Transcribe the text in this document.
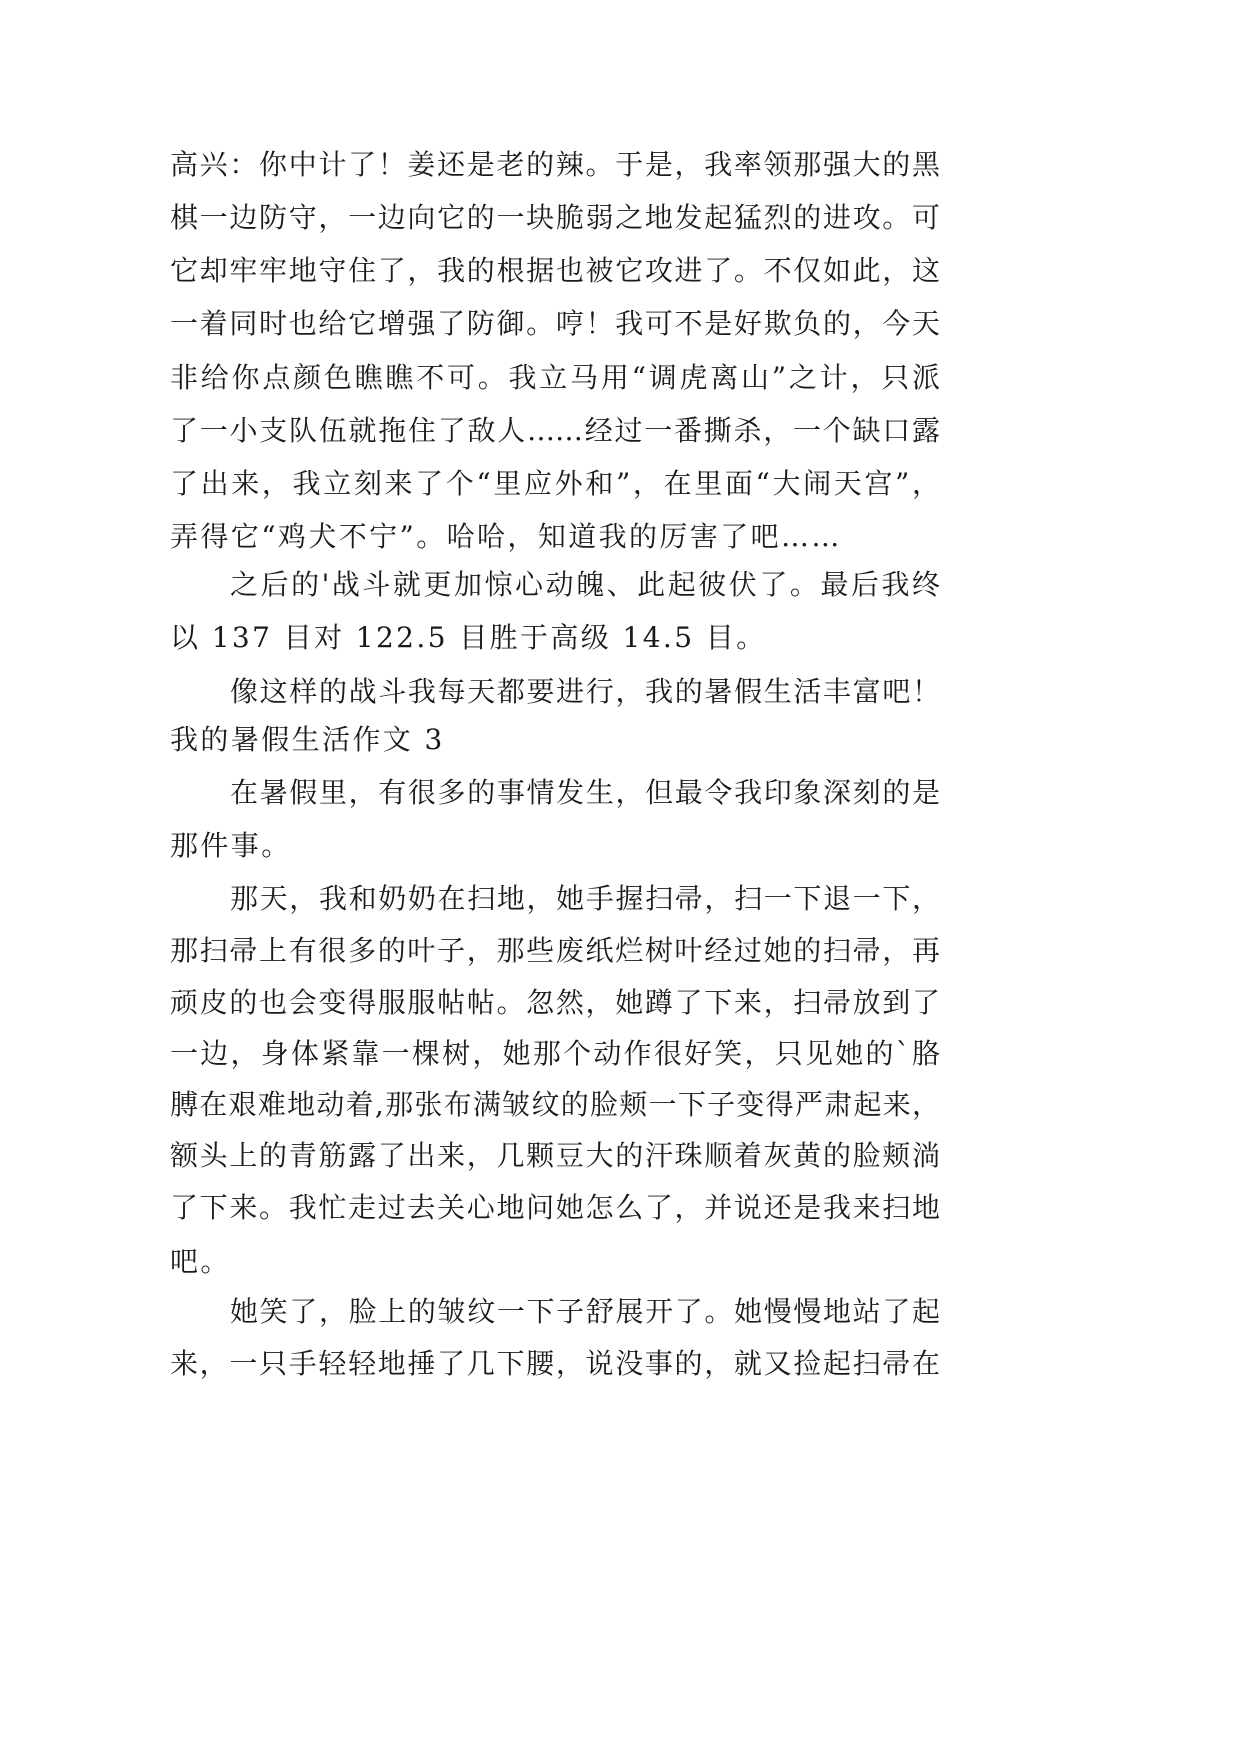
高兴：你中计了！姜还是老的辣。于是，我率领那强大的黑
棋一边防守，一边向它的一块脆弱之地发起猛烈的进攻。可
它却牢牢地守住了，我的根据也被它攻进了。不仅如此，这
一着同时也给它增强了防御。哼！我可不是好欺负的，今天
非给你点颜色瞧瞧不可。我立马用“调虎离山”之计，只派
了一小支队伍就拖住了敌人……经过一番撕杀，一个缺口露
了出来，我立刻来了个“里应外和”，在里面“大闹天宫”，
弄得它“鸡犬不宁”。哈哈，知道我的厉害了吧……
之后的'战斗就更加惊心动魄、此起彼伏了。最后我终
以 137 目对 122.5 目胜于高级 14.5 目。
像这样的战斗我每天都要进行，我的暑假生活丰富吧！
我的暑假生活作文 3
在暑假里，有很多的事情发生，但最令我印象深刻的是
那件事。
那天，我和奶奶在扫地，她手握扫帚，扫一下退一下，
那扫帚上有很多的叶子，那些废纸烂树叶经过她的扫帚，再
顽皮的也会变得服服帖帖。忽然，她蹲了下来，扫帚放到了
一边，身体紧靠一棵树，她那个动作很好笑，只见她的`胳
膊在艰难地动着,那张布满皱纹的脸颊一下子变得严肃起来，
额头上的青筋露了出来，几颗豆大的汗珠顺着灰黄的脸颊淌
了下来。我忙走过去关心地问她怎么了，并说还是我来扫地
吧。
她笑了，脸上的皱纹一下子舒展开了。她慢慢地站了起
来，一只手轻轻地捶了几下腰，说没事的，就又捡起扫帚在
